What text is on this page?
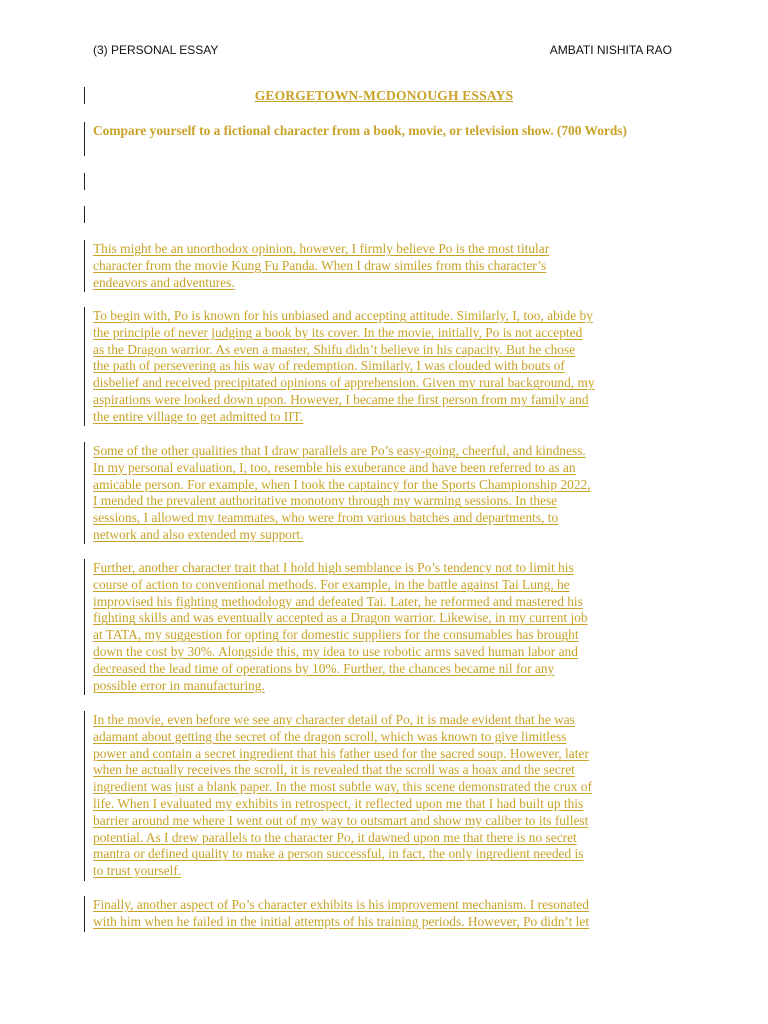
(3) PERSONAL ESSAY	AMBATI NISHITA RAO
GEORGETOWN-MCDONOUGH ESSAYS
Compare yourself to a fictional character from a book, movie, or television show. (700 Words)
This might be an unorthodox opinion, however, I firmly believe Po is the most titular
character from the movie Kung Fu Panda. When I draw similes from this character’s
endeavors and adventures.
To begin with, Po is known for his unbiased and accepting attitude. Similarly, I, too, abide by
the principle of never judging a book by its cover. In the movie, initially, Po is not accepted
as the Dragon warrior. As even a master, Shifu didn’t believe in his capacity. But he chose
the path of persevering as his way of redemption. Similarly, I was clouded with bouts of
disbelief and received precipitated opinions of apprehension. Given my rural background, my
aspirations were looked down upon. However, I became the first person from my family and
the entire village to get admitted to IIT.
Some of the other qualities that I draw parallels are Po’s easy-going, cheerful, and kindness.
In my personal evaluation, I, too, resemble his exuberance and have been referred to as an
amicable person. For example, when I took the captaincy for the Sports Championship 2022,
I mended the prevalent authoritative monotony through my warming sessions. In these
sessions, I allowed my teammates, who were from various batches and departments, to
network and also extended my support.
Further, another character trait that I hold high semblance is Po’s tendency not to limit his
course of action to conventional methods. For example, in the battle against Tai Lung, he
improvised his fighting methodology and defeated Tai. Later, he reformed and mastered his
fighting skills and was eventually accepted as a Dragon warrior. Likewise, in my current job
at TATA, my suggestion for opting for domestic suppliers for the consumables has brought
down the cost by 30%. Alongside this, my idea to use robotic arms saved human labor and
decreased the lead time of operations by 10%. Further, the chances became nil for any
possible error in manufacturing.
In the movie, even before we see any character detail of Po, it is made evident that he was
adamant about getting the secret of the dragon scroll, which was known to give limitless
power and contain a secret ingredient that his father used for the sacred soup. However, later
when he actually receives the scroll, it is revealed that the scroll was a hoax and the secret
ingredient was just a blank paper. In the most subtle way, this scene demonstrated the crux of
life. When I evaluated my exhibits in retrospect, it reflected upon me that I had built up this
barrier around me where I went out of my way to outsmart and show my caliber to its fullest
potential. As I drew parallels to the character Po, it dawned upon me that there is no secret
mantra or defined quality to make a person successful, in fact, the only ingredient needed is
to trust yourself.
Finally, another aspect of Po’s character exhibits is his improvement mechanism. I resonated
with him when he failed in the initial attempts of his training periods. However, Po didn’t let
